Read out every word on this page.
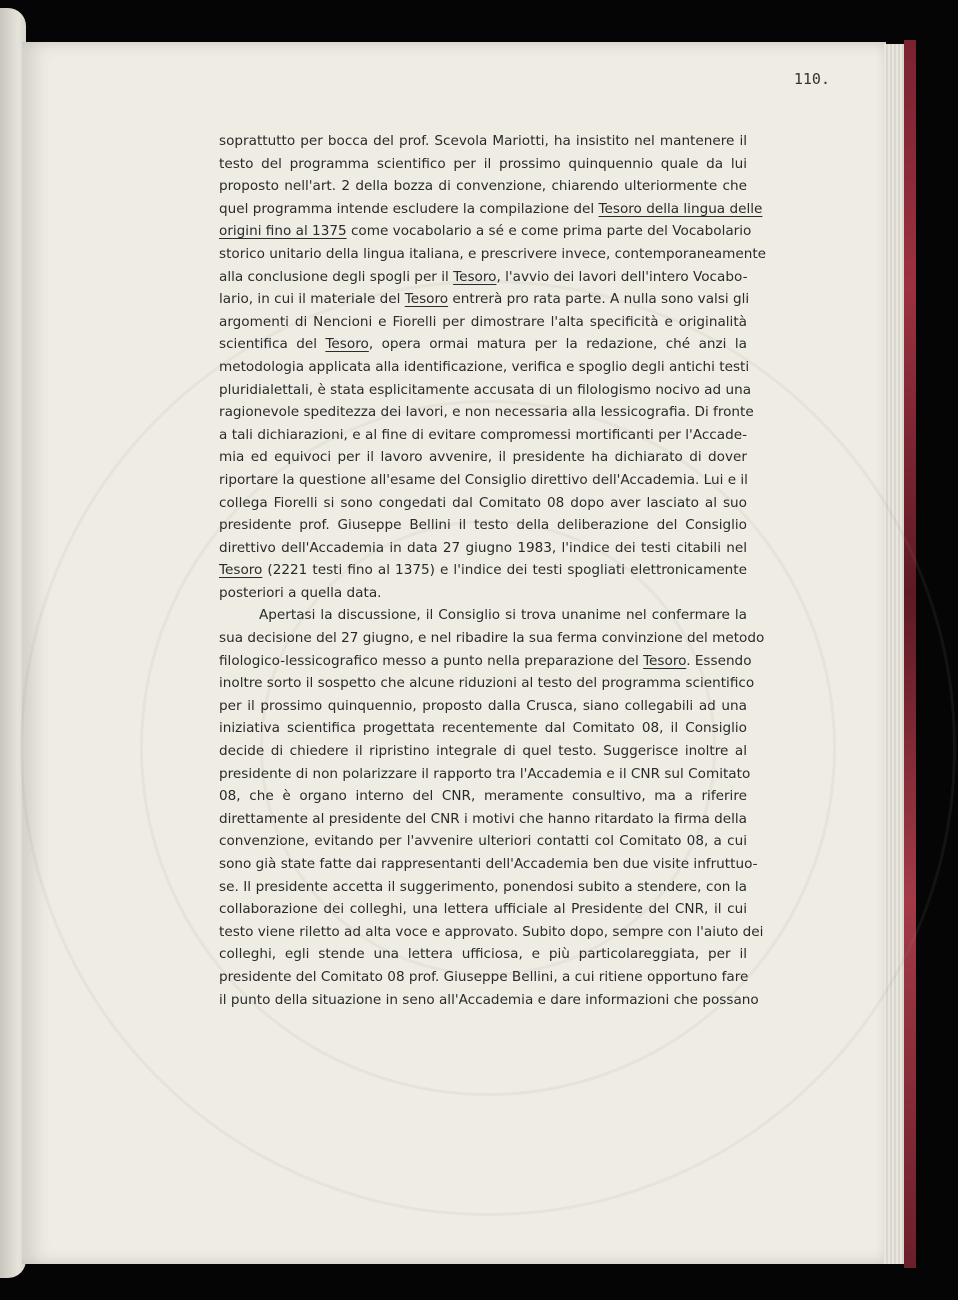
110.
soprattutto per bocca del prof. Scevola Mariotti, ha insistito nel mantenere il
testo del programma scientifico per il prossimo quinquennio quale da lui
proposto nell'art. 2 della bozza di convenzione, chiarendo ulteriormente che
quel programma intende escludere la compilazione del Tesoro della lingua delle
origini fino al 1375 come vocabolario a sé e come prima parte del Vocabolario
storico unitario della lingua italiana, e prescrivere invece, contemporaneamente
alla conclusione degli spogli per il Tesoro, l'avvio dei lavori dell'intero Vocabo-
lario, in cui il materiale del Tesoro entrerà pro rata parte. A nulla sono valsi gli
argomenti di Nencioni e Fiorelli per dimostrare l'alta specificità e originalità
scientifica del Tesoro, opera ormai matura per la redazione, ché anzi la
metodologia applicata alla identificazione, verifica e spoglio degli antichi testi
pluridialettali, è stata esplicitamente accusata di un filologismo nocivo ad una
ragionevole speditezza dei lavori, e non necessaria alla lessicografia. Di fronte
a tali dichiarazioni, e al fine di evitare compromessi mortificanti per l'Accade-
mia ed equivoci per il lavoro avvenire, il presidente ha dichiarato di dover
riportare la questione all'esame del Consiglio direttivo dell'Accademia. Lui e il
collega Fiorelli si sono congedati dal Comitato 08 dopo aver lasciato al suo
presidente prof. Giuseppe Bellini il testo della deliberazione del Consiglio
direttivo dell'Accademia in data 27 giugno 1983, l'indice dei testi citabili nel
Tesoro (2221 testi fino al 1375) e l'indice dei testi spogliati elettronicamente
posteriori a quella data.
Apertasi la discussione, il Consiglio si trova unanime nel confermare la
sua decisione del 27 giugno, e nel ribadire la sua ferma convinzione del metodo
filologico-lessicografico messo a punto nella preparazione del Tesoro. Essendo
inoltre sorto il sospetto che alcune riduzioni al testo del programma scientifico
per il prossimo quinquennio, proposto dalla Crusca, siano collegabili ad una
iniziativa scientifica progettata recentemente dal Comitato 08, il Consiglio
decide di chiedere il ripristino integrale di quel testo. Suggerisce inoltre al
presidente di non polarizzare il rapporto tra l'Accademia e il CNR sul Comitato
08, che è organo interno del CNR, meramente consultivo, ma a riferire
direttamente al presidente del CNR i motivi che hanno ritardato la firma della
convenzione, evitando per l'avvenire ulteriori contatti col Comitato 08, a cui
sono già state fatte dai rappresentanti dell'Accademia ben due visite infruttuo-
se. Il presidente accetta il suggerimento, ponendosi subito a stendere, con la
collaborazione dei colleghi, una lettera ufficiale al Presidente del CNR, il cui
testo viene riletto ad alta voce e approvato. Subito dopo, sempre con l'aiuto dei
colleghi, egli stende una lettera ufficiosa, e più particolareggiata, per il
presidente del Comitato 08 prof. Giuseppe Bellini, a cui ritiene opportuno fare
il punto della situazione in seno all'Accademia e dare informazioni che possano
